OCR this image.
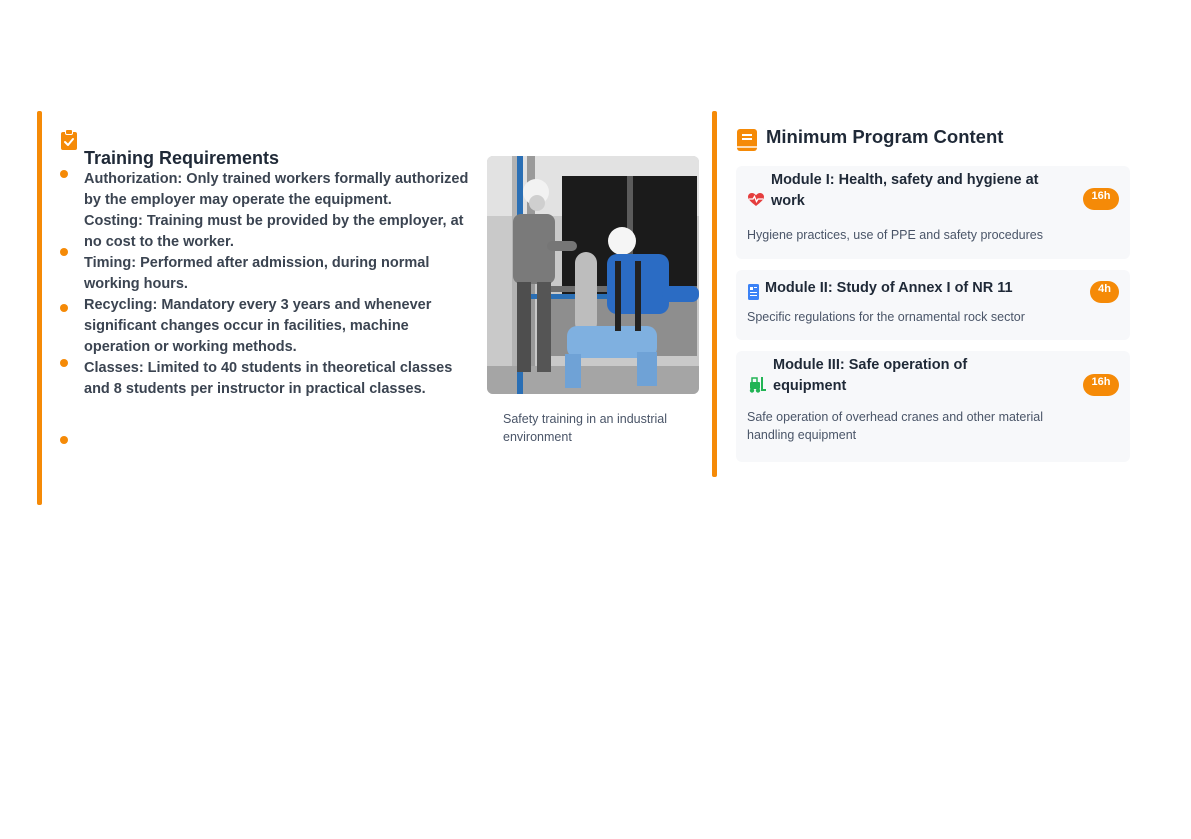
Training Requirements

Authorization: Only trained workers formally authorized by the employer may operate the equipment.

Costing: Training must be provided by the employer, at no cost to the worker.

Timing: Performed after admission, during normal working hours.

Recycling: Mandatory every 3 years and whenever significant changes occur in facilities, machine operation or working methods.

Classes: Limited to 40 students in theoretical classes and 8 students per instructor in practical classes.

Safety training in an industrial environment
Minimum Program Content
Module I: Health, safety and hygiene at work	16h
Hygiene practices, use of PPE and safety procedures
Module II: Study of Annex I of NR 11	4h
Specific regulations for the ornamental rock sector
Module III: Safe operation of equipment	16h
Safe operation of overhead cranes and other material handling equipment
